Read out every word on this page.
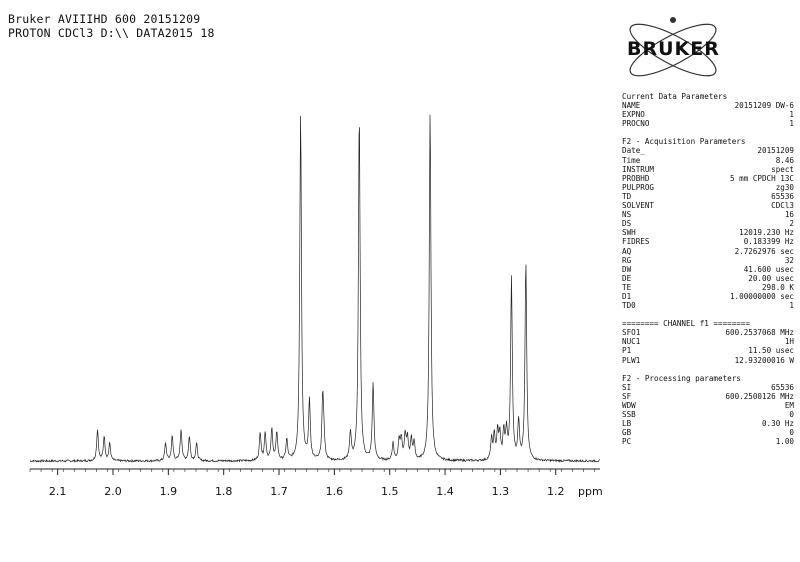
Bruker AVIIIHD 600 20151209
PROTON CDCl3 D:\\ DATA2015 18
2.1	2.0	1.9	1.8	1.7	1.6	1.5	1.4	1.3	1.2 ppm
BRUKER
Current Data Parameters
NAME	20151209 DW-6
EXPNO	1
PROCNO	1
F2 - Acquisition Parameters
Date_	20151209
Time	8.46
INSTRUM	spect
PROBHD	5 mm CPDCH 13C
PULPROG	zg30
TD	65536
SOLVENT	CDCl3
NS	16
DS	2
SWH	12019.230 Hz
FIDRES	0.183399 Hz
AQ	2.7262976 sec
RG	32
DW	41.600 usec
DE	20.00 usec
TE	298.0 K
D1	1.00000000 sec
TD0	1
======== CHANNEL f1 ========
SFO1	600.2537068 MHz
NUC1	1H
P1	11.50 usec
PLW1	12.93200016 W
F2 - Processing parameters
SI	65536
SF	600.2500126 MHz
WDW	EM
SSB	0
LB	0.30 Hz
GB	0
PC	1.00
